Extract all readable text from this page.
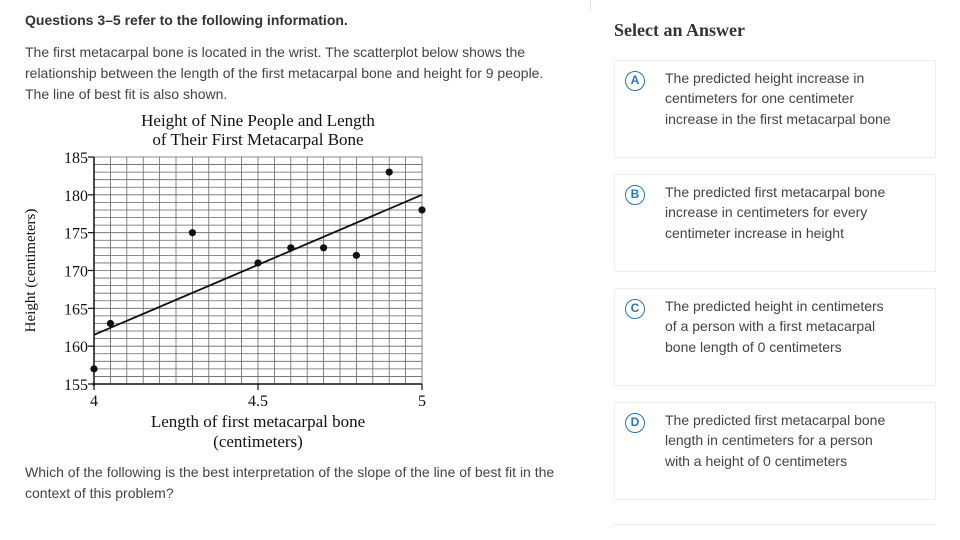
Questions 3–5 refer to the following information.
The first metacarpal bone is located in the wrist. The scatterplot below shows the relationship between the length of the first metacarpal bone and height for 9 people. The line of best fit is also shown.
Height of Nine People and Length
of Their First Metacarpal Bone
155
160
165
170
175
180
185
4	4.5	5
Height (centimeters)
Length of first metacarpal bone
(centimeters)
Which of the following is the best interpretation of the slope of the line of best fit in the context of this problem?
Select an Answer
A	The predicted height increase in centimeters for one centimeter increase in the first metacarpal bone
B	The predicted first metacarpal bone increase in centimeters for every centimeter increase in height
C	The predicted height in centimeters of a person with a first metacarpal bone length of 0 centimeters
D	The predicted first metacarpal bone length in centimeters for a person with a height of 0 centimeters
